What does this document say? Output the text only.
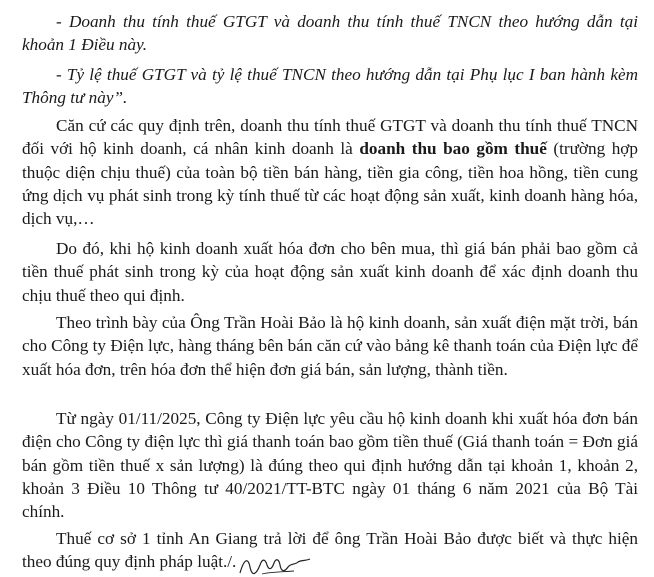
- Doanh thu tính thuế GTGT và doanh thu tính thuế TNCN theo hướng dẫn tại khoản 1 Điều này.

- Tỷ lệ thuế GTGT và tỷ lệ thuế TNCN theo hướng dẫn tại Phụ lục I ban hành kèm Thông tư này”.

Căn cứ các quy định trên, doanh thu tính thuế GTGT và doanh thu tính thuế TNCN đối với hộ kinh doanh, cá nhân kinh doanh là doanh thu bao gồm thuế (trường hợp thuộc diện chịu thuế) của toàn bộ tiền bán hàng, tiền gia công, tiền hoa hồng, tiền cung ứng dịch vụ phát sinh trong kỳ tính thuế từ các hoạt động sản xuất, kinh doanh hàng hóa, dịch vụ,…

Do đó, khi hộ kinh doanh xuất hóa đơn cho bên mua, thì giá bán phải bao gồm cả tiền thuế phát sinh trong kỳ của hoạt động sản xuất kinh doanh để xác định doanh thu chịu thuế theo qui định.

Theo trình bày của Ông Trần Hoài Bảo là hộ kinh doanh, sản xuất điện mặt trời, bán cho Công ty Điện lực, hàng tháng bên bán căn cứ vào bảng kê thanh toán của Điện lực để xuất hóa đơn, trên hóa đơn thể hiện đơn giá bán, sản lượng, thành tiền.

Từ ngày 01/11/2025, Công ty Điện lực yêu cầu hộ kinh doanh khi xuất hóa đơn bán điện cho Công ty điện lực thì giá thanh toán bao gồm tiền thuế (Giá thanh toán = Đơn giá bán gồm tiền thuế x sản lượng) là đúng theo qui định hướng dẫn tại khoản 1, khoản 2, khoản 3 Điều 10 Thông tư 40/2021/TT-BTC ngày 01 tháng 6 năm 2021 của Bộ Tài chính.

Thuế cơ sở 1 tỉnh An Giang trả lời để ông Trần Hoài Bảo được biết và thực hiện theo đúng quy định pháp luật./.
